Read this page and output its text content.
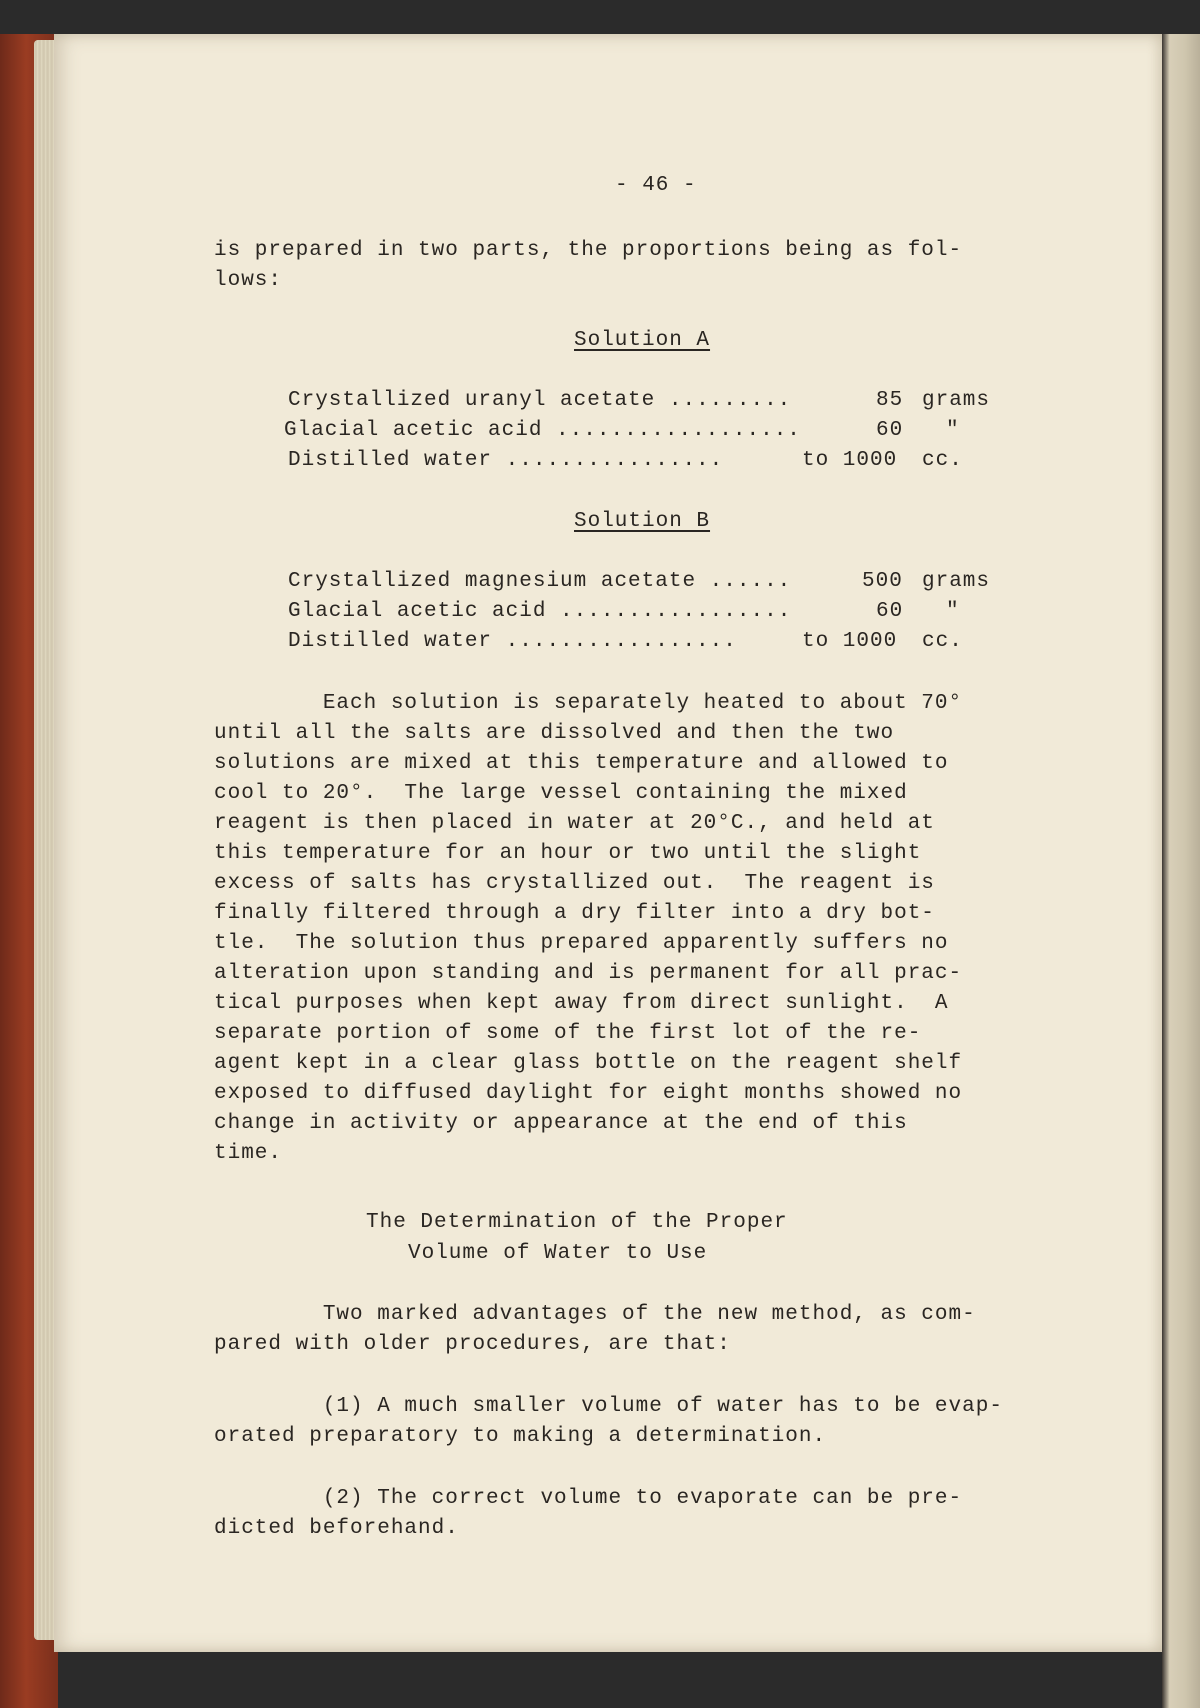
- 46 -
is prepared in two parts, the proportions being as fol-
lows:
Solution A
Crystallized uranyl acetate .........	85 grams
Glacial acetic acid ..................	60 "
Distilled water ................	to 1000 cc.
Solution B
Crystallized magnesium acetate ......	500 grams
Glacial acetic acid .................	60 "
Distilled water .................	to 1000 cc.
Each solution is separately heated to about 70°
until all the salts are dissolved and then the two
solutions are mixed at this temperature and allowed to
cool to 20°.  The large vessel containing the mixed
reagent is then placed in water at 20°C., and held at
this temperature for an hour or two until the slight
excess of salts has crystallized out.  The reagent is
finally filtered through a dry filter into a dry bot-
tle.  The solution thus prepared apparently suffers no
alteration upon standing and is permanent for all prac-
tical purposes when kept away from direct sunlight.  A
separate portion of some of the first lot of the re-
agent kept in a clear glass bottle on the reagent shelf
exposed to diffused daylight for eight months showed no
change in activity or appearance at the end of this
time.
The Determination of the Proper
Volume of Water to Use
Two marked advantages of the new method, as com-
pared with older procedures, are that:
(1) A much smaller volume of water has to be evap-
orated preparatory to making a determination.
(2) The correct volume to evaporate can be pre-
dicted beforehand.
